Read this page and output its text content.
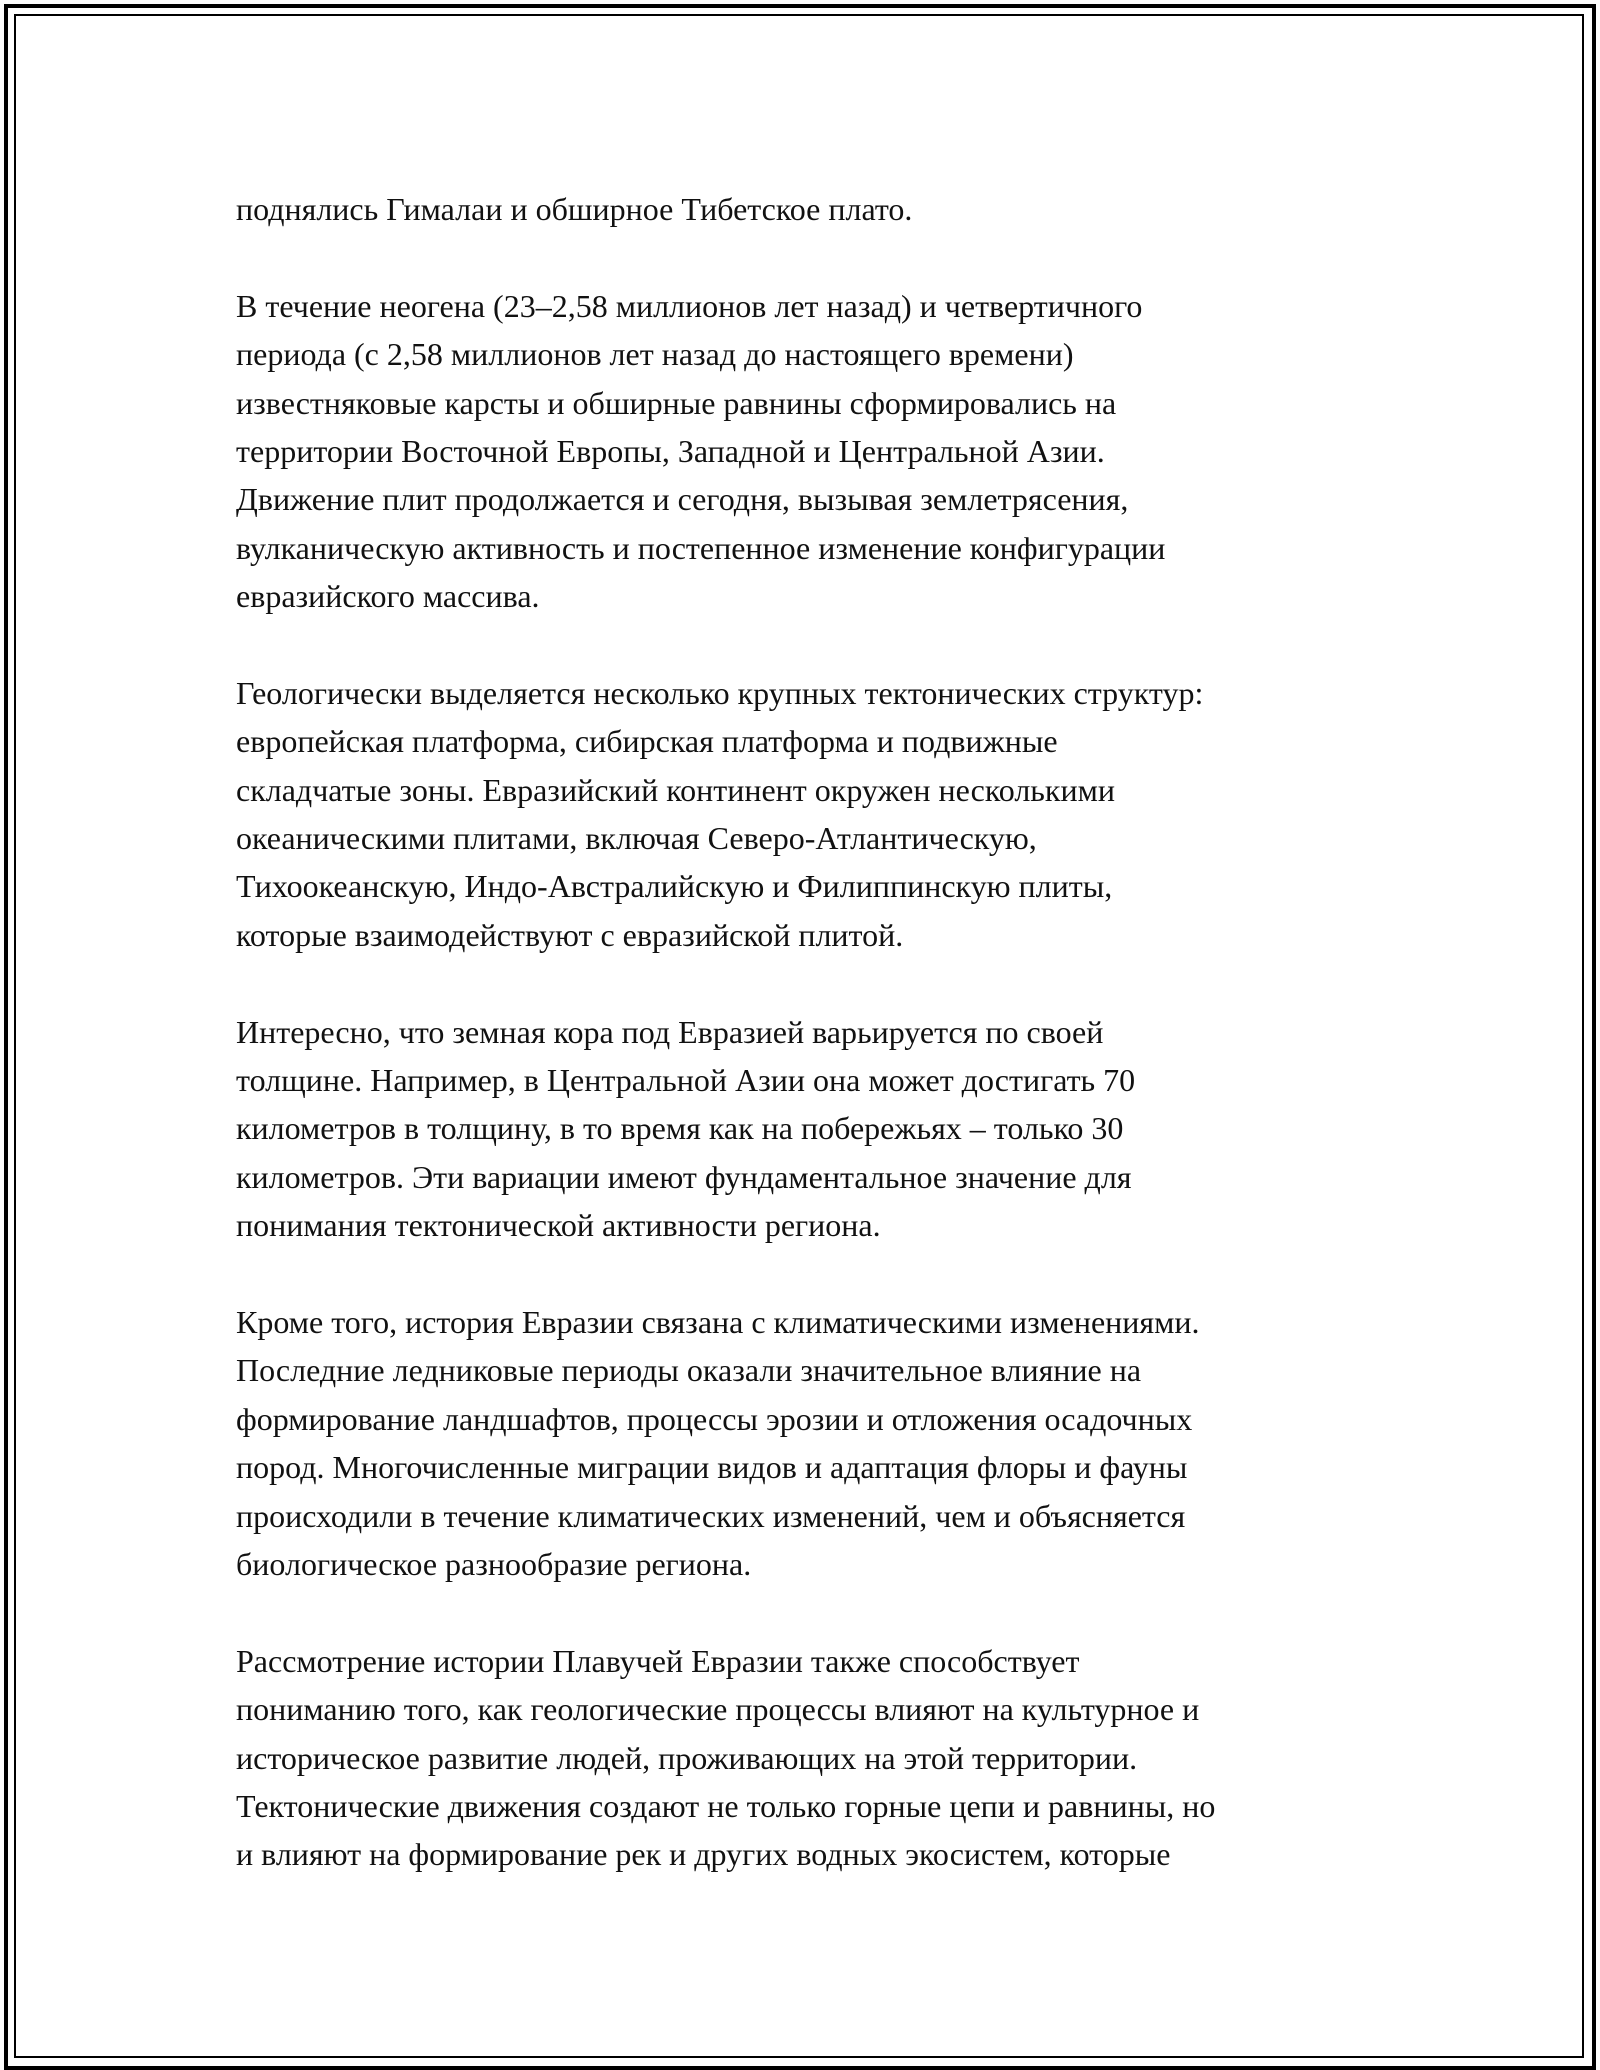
поднялись Гималаи и обширное Тибетское плато.
В течение неогена (23–2,58 миллионов лет назад) и четвертичного
периода (с 2,58 миллионов лет назад до настоящего времени)
известняковые карсты и обширные равнины сформировались на
территории Восточной Европы, Западной и Центральной Азии.
Движение плит продолжается и сегодня, вызывая землетрясения,
вулканическую активность и постепенное изменение конфигурации
евразийского массива.
Геологически выделяется несколько крупных тектонических структур:
европейская платформа, сибирская платформа и подвижные
складчатые зоны. Евразийский континент окружен несколькими
океаническими плитами, включая Северо-Атлантическую,
Тихоокеанскую, Индо-Австралийскую и Филиппинскую плиты,
которые взаимодействуют с евразийской плитой.
Интересно, что земная кора под Евразией варьируется по своей
толщине. Например, в Центральной Азии она может достигать 70
километров в толщину, в то время как на побережьях – только 30
километров. Эти вариации имеют фундаментальное значение для
понимания тектонической активности региона.
Кроме того, история Евразии связана с климатическими изменениями.
Последние ледниковые периоды оказали значительное влияние на
формирование ландшафтов, процессы эрозии и отложения осадочных
пород. Многочисленные миграции видов и адаптация флоры и фауны
происходили в течение климатических изменений, чем и объясняется
биологическое разнообразие региона.
Рассмотрение истории Плавучей Евразии также способствует
пониманию того, как геологические процессы влияют на культурное и
историческое развитие людей, проживающих на этой территории.
Тектонические движения создают не только горные цепи и равнины, но
и влияют на формирование рек и других водных экосистем, которые
